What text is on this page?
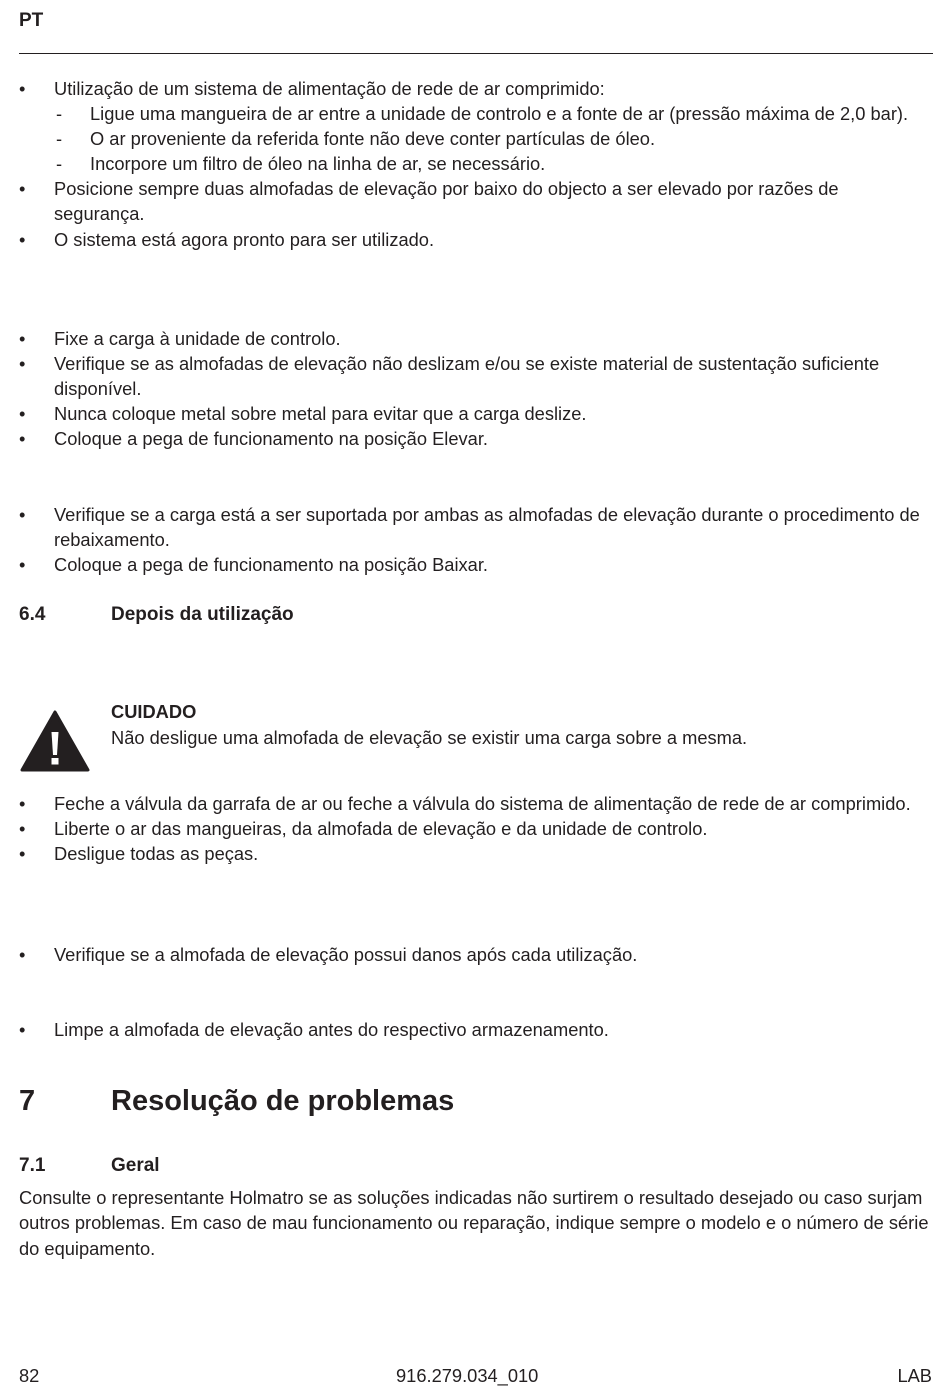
PT
• Utilização de um sistema de alimentação de rede de ar comprimido:
- Ligue uma mangueira de ar entre a unidade de controlo e a fonte de ar (pressão máxima de 2,0 bar).
- O ar proveniente da referida fonte não deve conter partículas de óleo.
- Incorpore um filtro de óleo na linha de ar, se necessário.
• Posicione sempre duas almofadas de elevação por baixo do objecto a ser elevado por razões de segurança.
• O sistema está agora pronto para ser utilizado.
• Fixe a carga à unidade de controlo.
• Verifique se as almofadas de elevação não deslizam e/ou se existe material de sustentação suficiente disponível.
• Nunca coloque metal sobre metal para evitar que a carga deslize.
• Coloque a pega de funcionamento na posição Elevar.
• Verifique se a carga está a ser suportada por ambas as almofadas de elevação durante o procedimento de rebaixamento.
• Coloque a pega de funcionamento na posição Baixar.
6.4	Depois da utilização
CUIDADO
Não desligue uma almofada de elevação se existir uma carga sobre a mesma.
• Feche a válvula da garrafa de ar ou feche a válvula do sistema de alimentação de rede de ar comprimido.
• Liberte o ar das mangueiras, da almofada de elevação e da unidade de controlo.
• Desligue todas as peças.
• Verifique se a almofada de elevação possui danos após cada utilização.
• Limpe a almofada de elevação antes do respectivo armazenamento.
7	Resolução de problemas
7.1	Geral
Consulte o representante Holmatro se as soluções indicadas não surtirem o resultado desejado ou caso surjam outros problemas. Em caso de mau funcionamento ou reparação, indique sempre o modelo e o número de série do equipamento.
82	916.279.034_010	LAB
